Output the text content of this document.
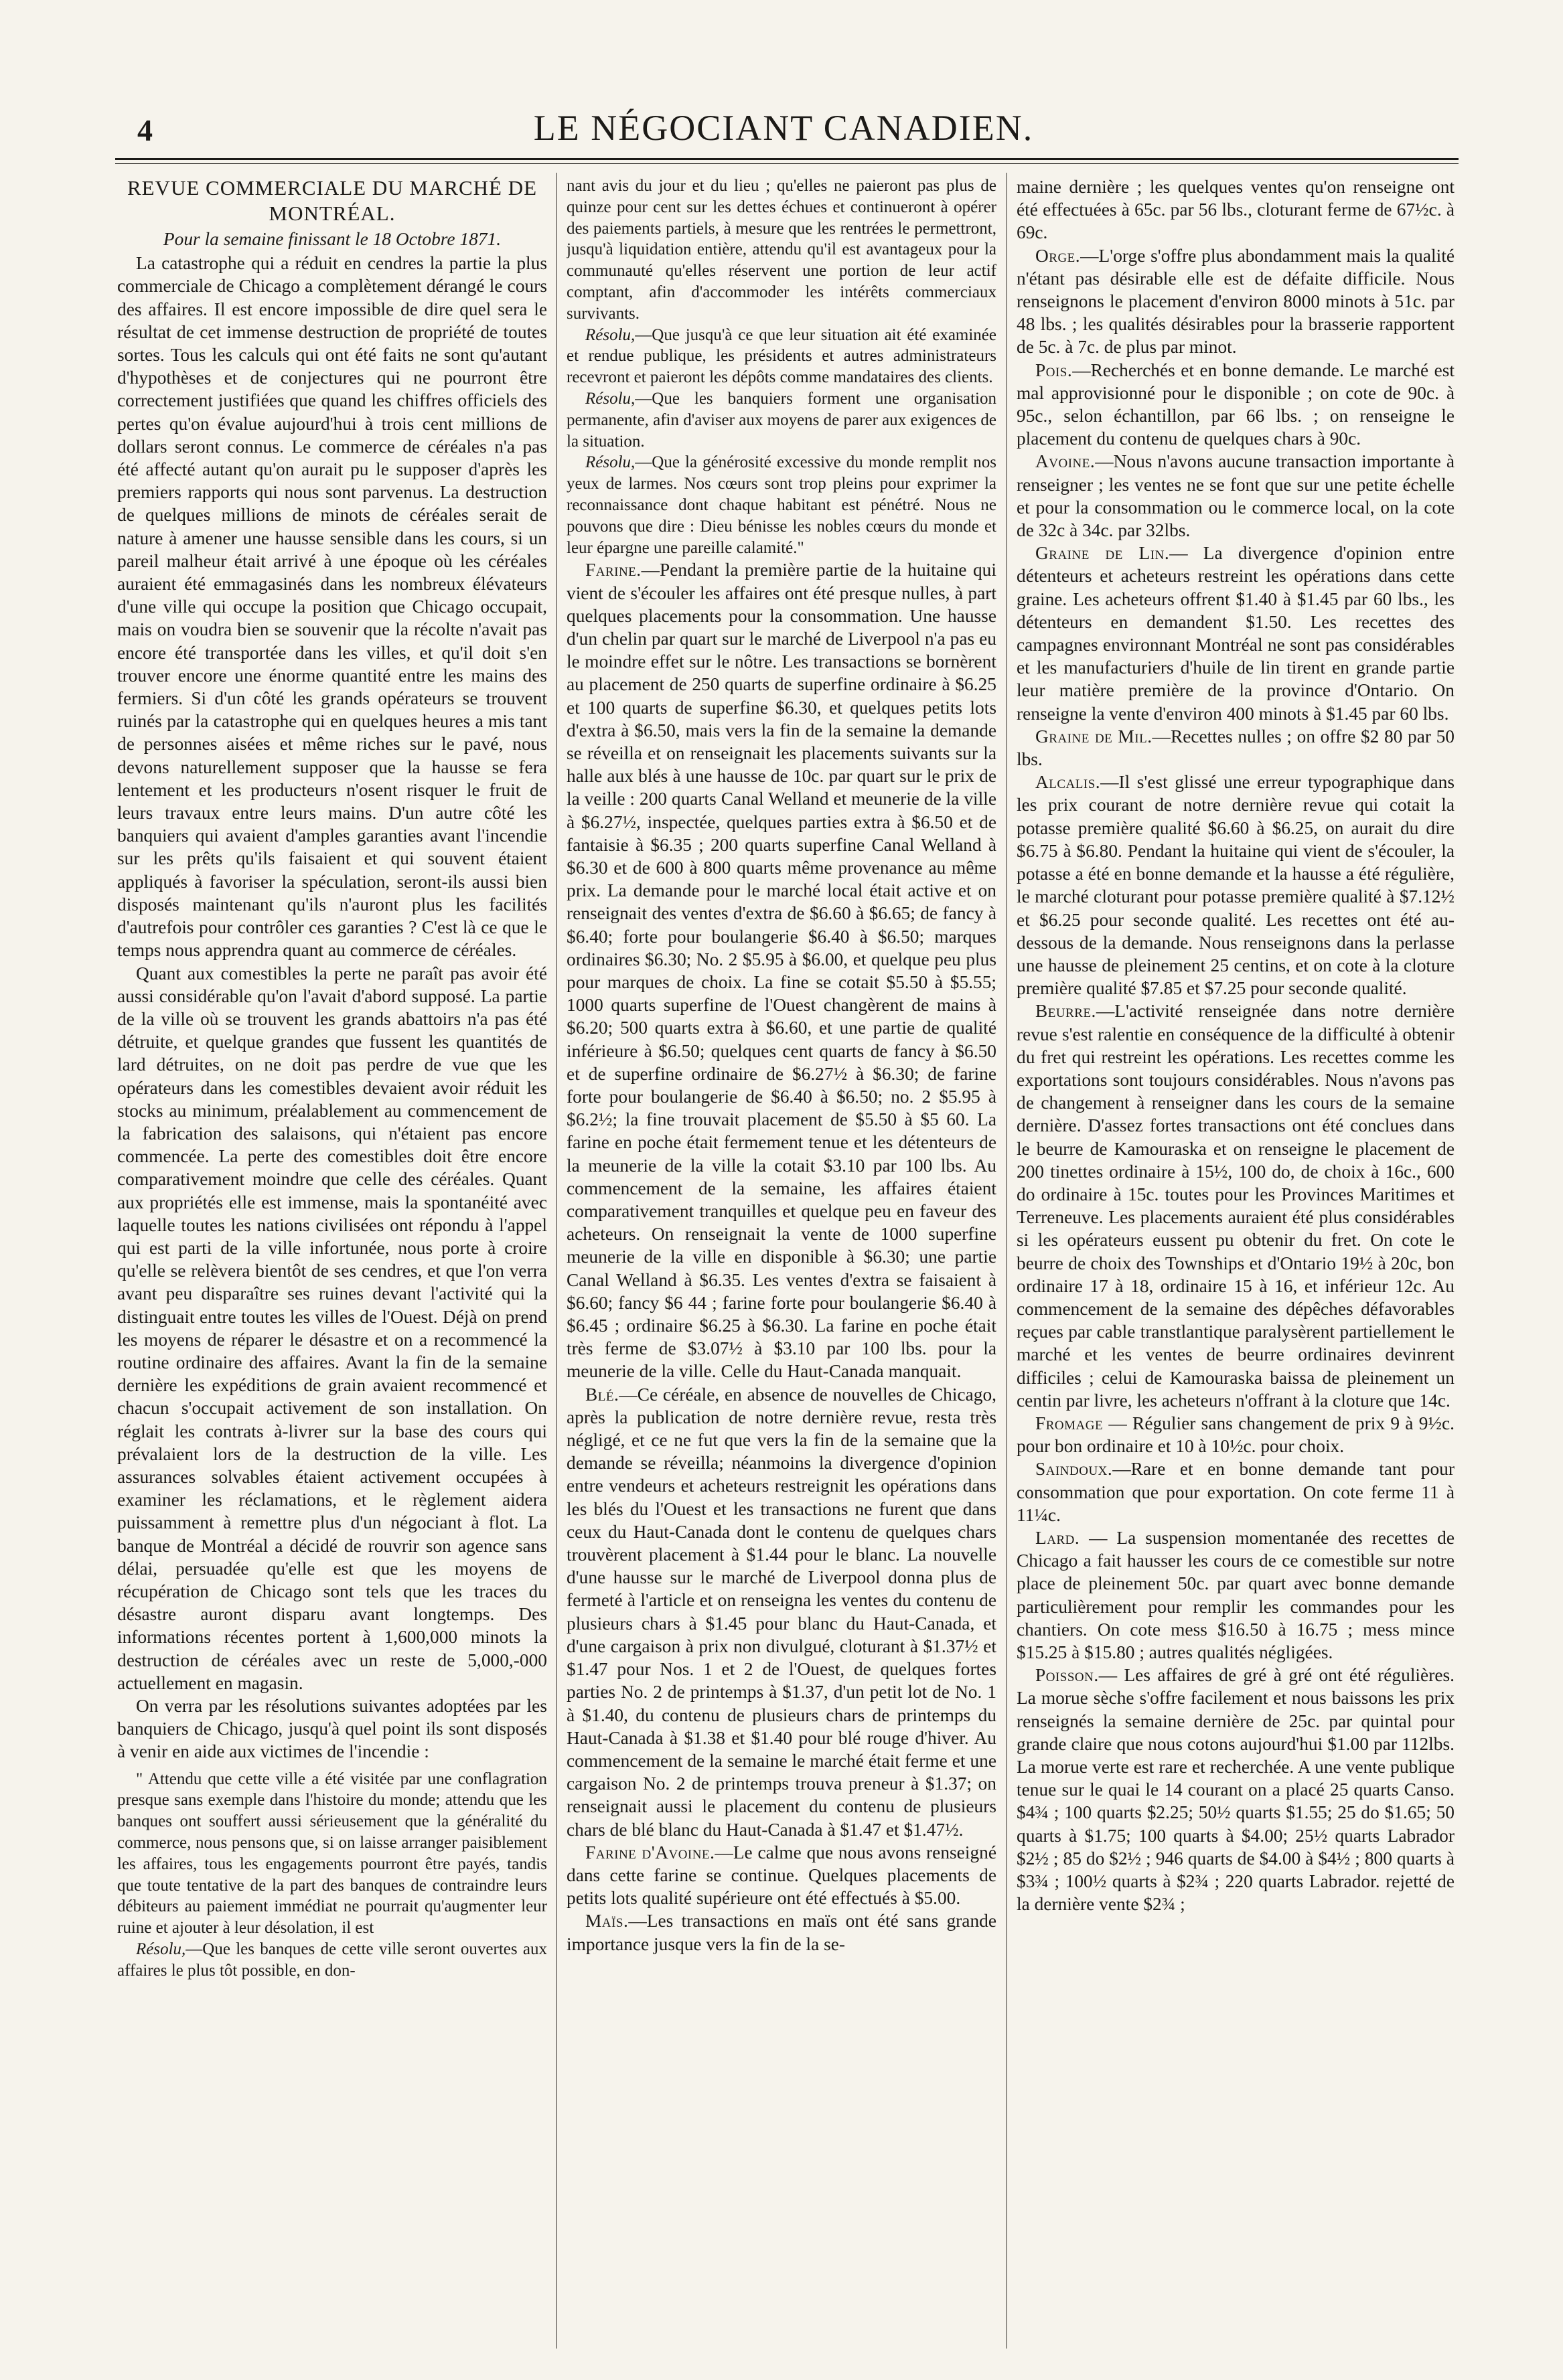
4	LE NÉGOCIANT CANADIEN.
REVUE COMMERCIALE DU MARCHÉ DE MONTRÉAL.
Pour la semaine finissant le 18 Octobre 1871.

La catastrophe qui a réduit en cendres la partie la plus commerciale de Chicago a complètement dérangé le cours des affaires. Il est encore impossible de dire quel sera le résultat de cet immense destruction de propriété de toutes sortes. Tous les calculs qui ont été faits ne sont qu'autant d'hypothèses et de conjectures qui ne pourront être correctement justifiées que quand les chiffres officiels des pertes qu'on évalue aujourd'hui à trois cent millions de dollars seront connus. Le commerce de céréales n'a pas été affecté autant qu'on aurait pu le supposer d'après les premiers rapports qui nous sont parvenus. La destruction de quelques millions de minots de céréales serait de nature à amener une hausse sensible dans les cours, si un pareil malheur était arrivé à une époque où les céréales auraient été emmagasinés dans les nombreux élévateurs d'une ville qui occupe la position que Chicago occupait, mais on voudra bien se souvenir que la récolte n'avait pas encore été transportée dans les villes, et qu'il doit s'en trouver encore une énorme quantité entre les mains des fermiers. Si d'un côté les grands opérateurs se trouvent ruinés par la catastrophe qui en quelques heures a mis tant de personnes aisées et même riches sur le pavé, nous devons naturellement supposer que la hausse se fera lentement et les producteurs n'osent risquer le fruit de leurs travaux entre leurs mains. D'un autre côté les banquiers qui avaient d'amples garanties avant l'incendie sur les prêts qu'ils faisaient et qui souvent étaient appliqués à favoriser la spéculation, seront-ils aussi bien disposés maintenant qu'ils n'auront plus les facilités d'autrefois pour contrôler ces garanties ? C'est là ce que le temps nous apprendra quant au commerce de céréales.

Quant aux comestibles la perte ne paraît pas avoir été aussi considérable qu'on l'avait d'abord supposé. La partie de la ville où se trouvent les grands abattoirs n'a pas été détruite, et quelque grandes que fussent les quantités de lard détruites, on ne doit pas perdre de vue que les opérateurs dans les comestibles devaient avoir réduit les stocks au minimum, préalablement au commencement de la fabrication des salaisons, qui n'étaient pas encore commencée. La perte des comestibles doit être encore comparativement moindre que celle des céréales. Quant aux propriétés elle est immense, mais la spontanéité avec laquelle toutes les nations civilisées ont répondu à l'appel qui est parti de la ville infortunée, nous porte à croire qu'elle se relèvera bientôt de ses cendres, et que l'on verra avant peu disparaître ses ruines devant l'activité qui la distinguait entre toutes les villes de l'Ouest. Déjà on prend les moyens de réparer le désastre et on a recommencé la routine ordinaire des affaires. Avant la fin de la semaine dernière les expéditions de grain avaient recommencé et chacun s'occupait activement de son installation. On réglait les contrats à-livrer sur la base des cours qui prévalaient lors de la destruction de la ville. Les assurances solvables étaient activement occupées à examiner les réclamations, et le règlement aidera puissamment à remettre plus d'un négociant à flot. La banque de Montréal a décidé de rouvrir son agence sans délai, persuadée qu'elle est que les moyens de récupération de Chicago sont tels que les traces du désastre auront disparu avant longtemps. Des informations récentes portent à 1,600,000 minots la destruction de céréales avec un reste de 5,000,-000 actuellement en magasin.

On verra par les résolutions suivantes adoptées par les banquiers de Chicago, jusqu'à quel point ils sont disposés à venir en aide aux victimes de l'incendie :

" Attendu que cette ville a été visitée par une conflagration presque sans exemple dans l'histoire du monde; attendu que les banques ont souffert aussi sérieusement que la généralité du commerce, nous pensons que, si on laisse arranger paisiblement les affaires, tous les engagements pourront être payés, tandis que toute tentative de la part des banques de contraindre leurs débiteurs au paiement immédiat ne pourrait qu'augmenter leur ruine et ajouter à leur désolation, il est

Résolu,—Que les banques de cette ville seront ouvertes aux affaires le plus tôt possible, en don-

nant avis du jour et du lieu ; qu'elles ne paieront pas plus de quinze pour cent sur les dettes échues et continueront à opérer des paiements partiels, à mesure que les rentrées le permettront, jusqu'à liquidation entière, attendu qu'il est avantageux pour la communauté qu'elles réservent une portion de leur actif comptant, afin d'accommoder les intérêts commerciaux survivants.

Résolu,—Que jusqu'à ce que leur situation ait été examinée et rendue publique, les présidents et autres administrateurs recevront et paieront les dépôts comme mandataires des clients.

Résolu,—Que les banquiers forment une organisation permanente, afin d'aviser aux moyens de parer aux exigences de la situation.

Résolu,—Que la générosité excessive du monde remplit nos yeux de larmes. Nos cœurs sont trop pleins pour exprimer la reconnaissance dont chaque habitant est pénétré. Nous ne pouvons que dire : Dieu bénisse les nobles cœurs du monde et leur épargne une pareille calamité."

Farine.—Pendant la première partie de la huitaine qui vient de s'écouler les affaires ont été presque nulles, à part quelques placements pour la consommation. Une hausse d'un chelin par quart sur le marché de Liverpool n'a pas eu le moindre effet sur le nôtre. Les transactions se bornèrent au placement de 250 quarts de superfine ordinaire à $6.25 et 100 quarts de superfine $6.30, et quelques petits lots d'extra à $6.50, mais vers la fin de la semaine la demande se réveilla et on renseignait les placements suivants sur la halle aux blés à une hausse de 10c. par quart sur le prix de la veille : 200 quarts Canal Welland et meunerie de la ville à $6.27½, inspectée, quelques parties extra à $6.50 et de fantaisie à $6.35 ; 200 quarts superfine Canal Welland à $6.30 et de 600 à 800 quarts même provenance au même prix. La demande pour le marché local était active et on renseignait des ventes d'extra de $6.60 à $6.65; de fancy à $6.40; forte pour boulangerie $6.40 à $6.50; marques ordinaires $6.30; No. 2 $5.95 à $6.00, et quelque peu plus pour marques de choix. La fine se cotait $5.50 à $5.55; 1000 quarts superfine de l'Ouest changèrent de mains à $6.20; 500 quarts extra à $6.60, et une partie de qualité inférieure à $6.50; quelques cent quarts de fancy à $6.50 et de superfine ordinaire de $6.27½ à $6.30; de farine forte pour boulangerie de $6.40 à $6.50; no. 2 $5.95 à $6.2½; la fine trouvait placement de $5.50 à $5 60. La farine en poche était fermement tenue et les détenteurs de la meunerie de la ville la cotait $3.10 par 100 lbs. Au commencement de la semaine, les affaires étaient comparativement tranquilles et quelque peu en faveur des acheteurs. On renseignait la vente de 1000 superfine meunerie de la ville en disponible à $6.30; une partie Canal Welland à $6.35. Les ventes d'extra se faisaient à $6.60; fancy $6 44 ; farine forte pour boulangerie $6.40 à $6.45 ; ordinaire $6.25 à $6.30. La farine en poche était très ferme de $3.07½ à $3.10 par 100 lbs. pour la meunerie de la ville. Celle du Haut-Canada manquait.

Blé.—Ce céréale, en absence de nouvelles de Chicago, après la publication de notre dernière revue, resta très négligé, et ce ne fut que vers la fin de la semaine que la demande se réveilla; néanmoins la divergence d'opinion entre vendeurs et acheteurs restreignit les opérations dans les blés du l'Ouest et les transactions ne furent que dans ceux du Haut-Canada dont le contenu de quelques chars trouvèrent placement à $1.44 pour le blanc. La nouvelle d'une hausse sur le marché de Liverpool donna plus de fermeté à l'article et on renseigna les ventes du contenu de plusieurs chars à $1.45 pour blanc du Haut-Canada, et d'une cargaison à prix non divulgué, cloturant à $1.37½ et $1.47 pour Nos. 1 et 2 de l'Ouest, de quelques fortes parties No. 2 de printemps à $1.37, d'un petit lot de No. 1 à $1.40, du contenu de plusieurs chars de printemps du Haut-Canada à $1.38 et $1.40 pour blé rouge d'hiver. Au commencement de la semaine le marché était ferme et une cargaison No. 2 de printemps trouva preneur à $1.37; on renseignait aussi le placement du contenu de plusieurs chars de blé blanc du Haut-Canada à $1.47 et $1.47½.

Farine d'Avoine.—Le calme que nous avons renseigné dans cette farine se continue. Quelques placements de petits lots qualité supérieure ont été effectués à $5.00.

Maïs.—Les transactions en maïs ont été sans grande importance jusque vers la fin de la se-

maine dernière ; les quelques ventes qu'on renseigne ont été effectuées à 65c. par 56 lbs., cloturant ferme de 67½c. à 69c.

Orge.—L'orge s'offre plus abondamment mais la qualité n'étant pas désirable elle est de défaite difficile. Nous renseignons le placement d'environ 8000 minots à 51c. par 48 lbs. ; les qualités désirables pour la brasserie rapportent de 5c. à 7c. de plus par minot.

Pois.—Recherchés et en bonne demande. Le marché est mal approvisionné pour le disponible ; on cote de 90c. à 95c., selon échantillon, par 66 lbs. ; on renseigne le placement du contenu de quelques chars à 90c.

Avoine.—Nous n'avons aucune transaction importante à renseigner ; les ventes ne se font que sur une petite échelle et pour la consommation ou le commerce local, on la cote de 32c à 34c. par 32lbs.

Graine de Lin.— La divergence d'opinion entre détenteurs et acheteurs restreint les opérations dans cette graine. Les acheteurs offrent $1.40 à $1.45 par 60 lbs., les détenteurs en demandent $1.50. Les recettes des campagnes environnant Montréal ne sont pas considérables et les manufacturiers d'huile de lin tirent en grande partie leur matière première de la province d'Ontario. On renseigne la vente d'environ 400 minots à $1.45 par 60 lbs.

Graine de Mil.—Recettes nulles ; on offre $2 80 par 50 lbs.

Alcalis.—Il s'est glissé une erreur typographique dans les prix courant de notre dernière revue qui cotait la potasse première qualité $6.60 à $6.25, on aurait du dire $6.75 à $6.80. Pendant la huitaine qui vient de s'écouler, la potasse a été en bonne demande et la hausse a été régulière, le marché cloturant pour potasse première qualité à $7.12½ et $6.25 pour seconde qualité. Les recettes ont été au-dessous de la demande. Nous renseignons dans la perlasse une hausse de pleinement 25 centins, et on cote à la cloture première qualité $7.85 et $7.25 pour seconde qualité.

Beurre.—L'activité renseignée dans notre dernière revue s'est ralentie en conséquence de la difficulté à obtenir du fret qui restreint les opérations. Les recettes comme les exportations sont toujours considérables. Nous n'avons pas de changement à renseigner dans les cours de la semaine dernière. D'assez fortes transactions ont été conclues dans le beurre de Kamouraska et on renseigne le placement de 200 tinettes ordinaire à 15½, 100 do, de choix à 16c., 600 do ordinaire à 15c. toutes pour les Provinces Maritimes et Terreneuve. Les placements auraient été plus considérables si les opérateurs eussent pu obtenir du fret. On cote le beurre de choix des Townships et d'Ontario 19½ à 20c, bon ordinaire 17 à 18, ordinaire 15 à 16, et inférieur 12c. Au commencement de la semaine des dépêches défavorables reçues par cable transtlantique paralysèrent partiellement le marché et les ventes de beurre ordinaires devinrent difficiles ; celui de Kamouraska baissa de pleinement un centin par livre, les acheteurs n'offrant à la cloture que 14c.

Fromage — Régulier sans changement de prix 9 à 9½c. pour bon ordinaire et 10 à 10½c. pour choix.

Saindoux.—Rare et en bonne demande tant pour consommation que pour exportation. On cote ferme 11 à 11¼c.

Lard. — La suspension momentanée des recettes de Chicago a fait hausser les cours de ce comestible sur notre place de pleinement 50c. par quart avec bonne demande particulièrement pour remplir les commandes pour les chantiers. On cote mess $16.50 à 16.75 ; mess mince $15.25 à $15.80 ; autres qualités négligées.

Poisson.— Les affaires de gré à gré ont été régulières. La morue sèche s'offre facilement et nous baissons les prix renseignés la semaine dernière de 25c. par quintal pour grande claire que nous cotons aujourd'hui $1.00 par 112lbs. La morue verte est rare et recherchée. A une vente publique tenue sur le quai le 14 courant on a placé 25 quarts Canso. $4¾ ; 100 quarts $2.25; 50½ quarts $1.55; 25 do $1.65; 50 quarts à $1.75; 100 quarts à $4.00; 25½ quarts Labrador $2½ ; 85 do $2½ ; 946 quarts de $4.00 à $4½ ; 800 quarts à $3¾ ; 100½ quarts à $2¾ ; 220 quarts Labrador. rejetté de la dernière vente $2¾ ;
